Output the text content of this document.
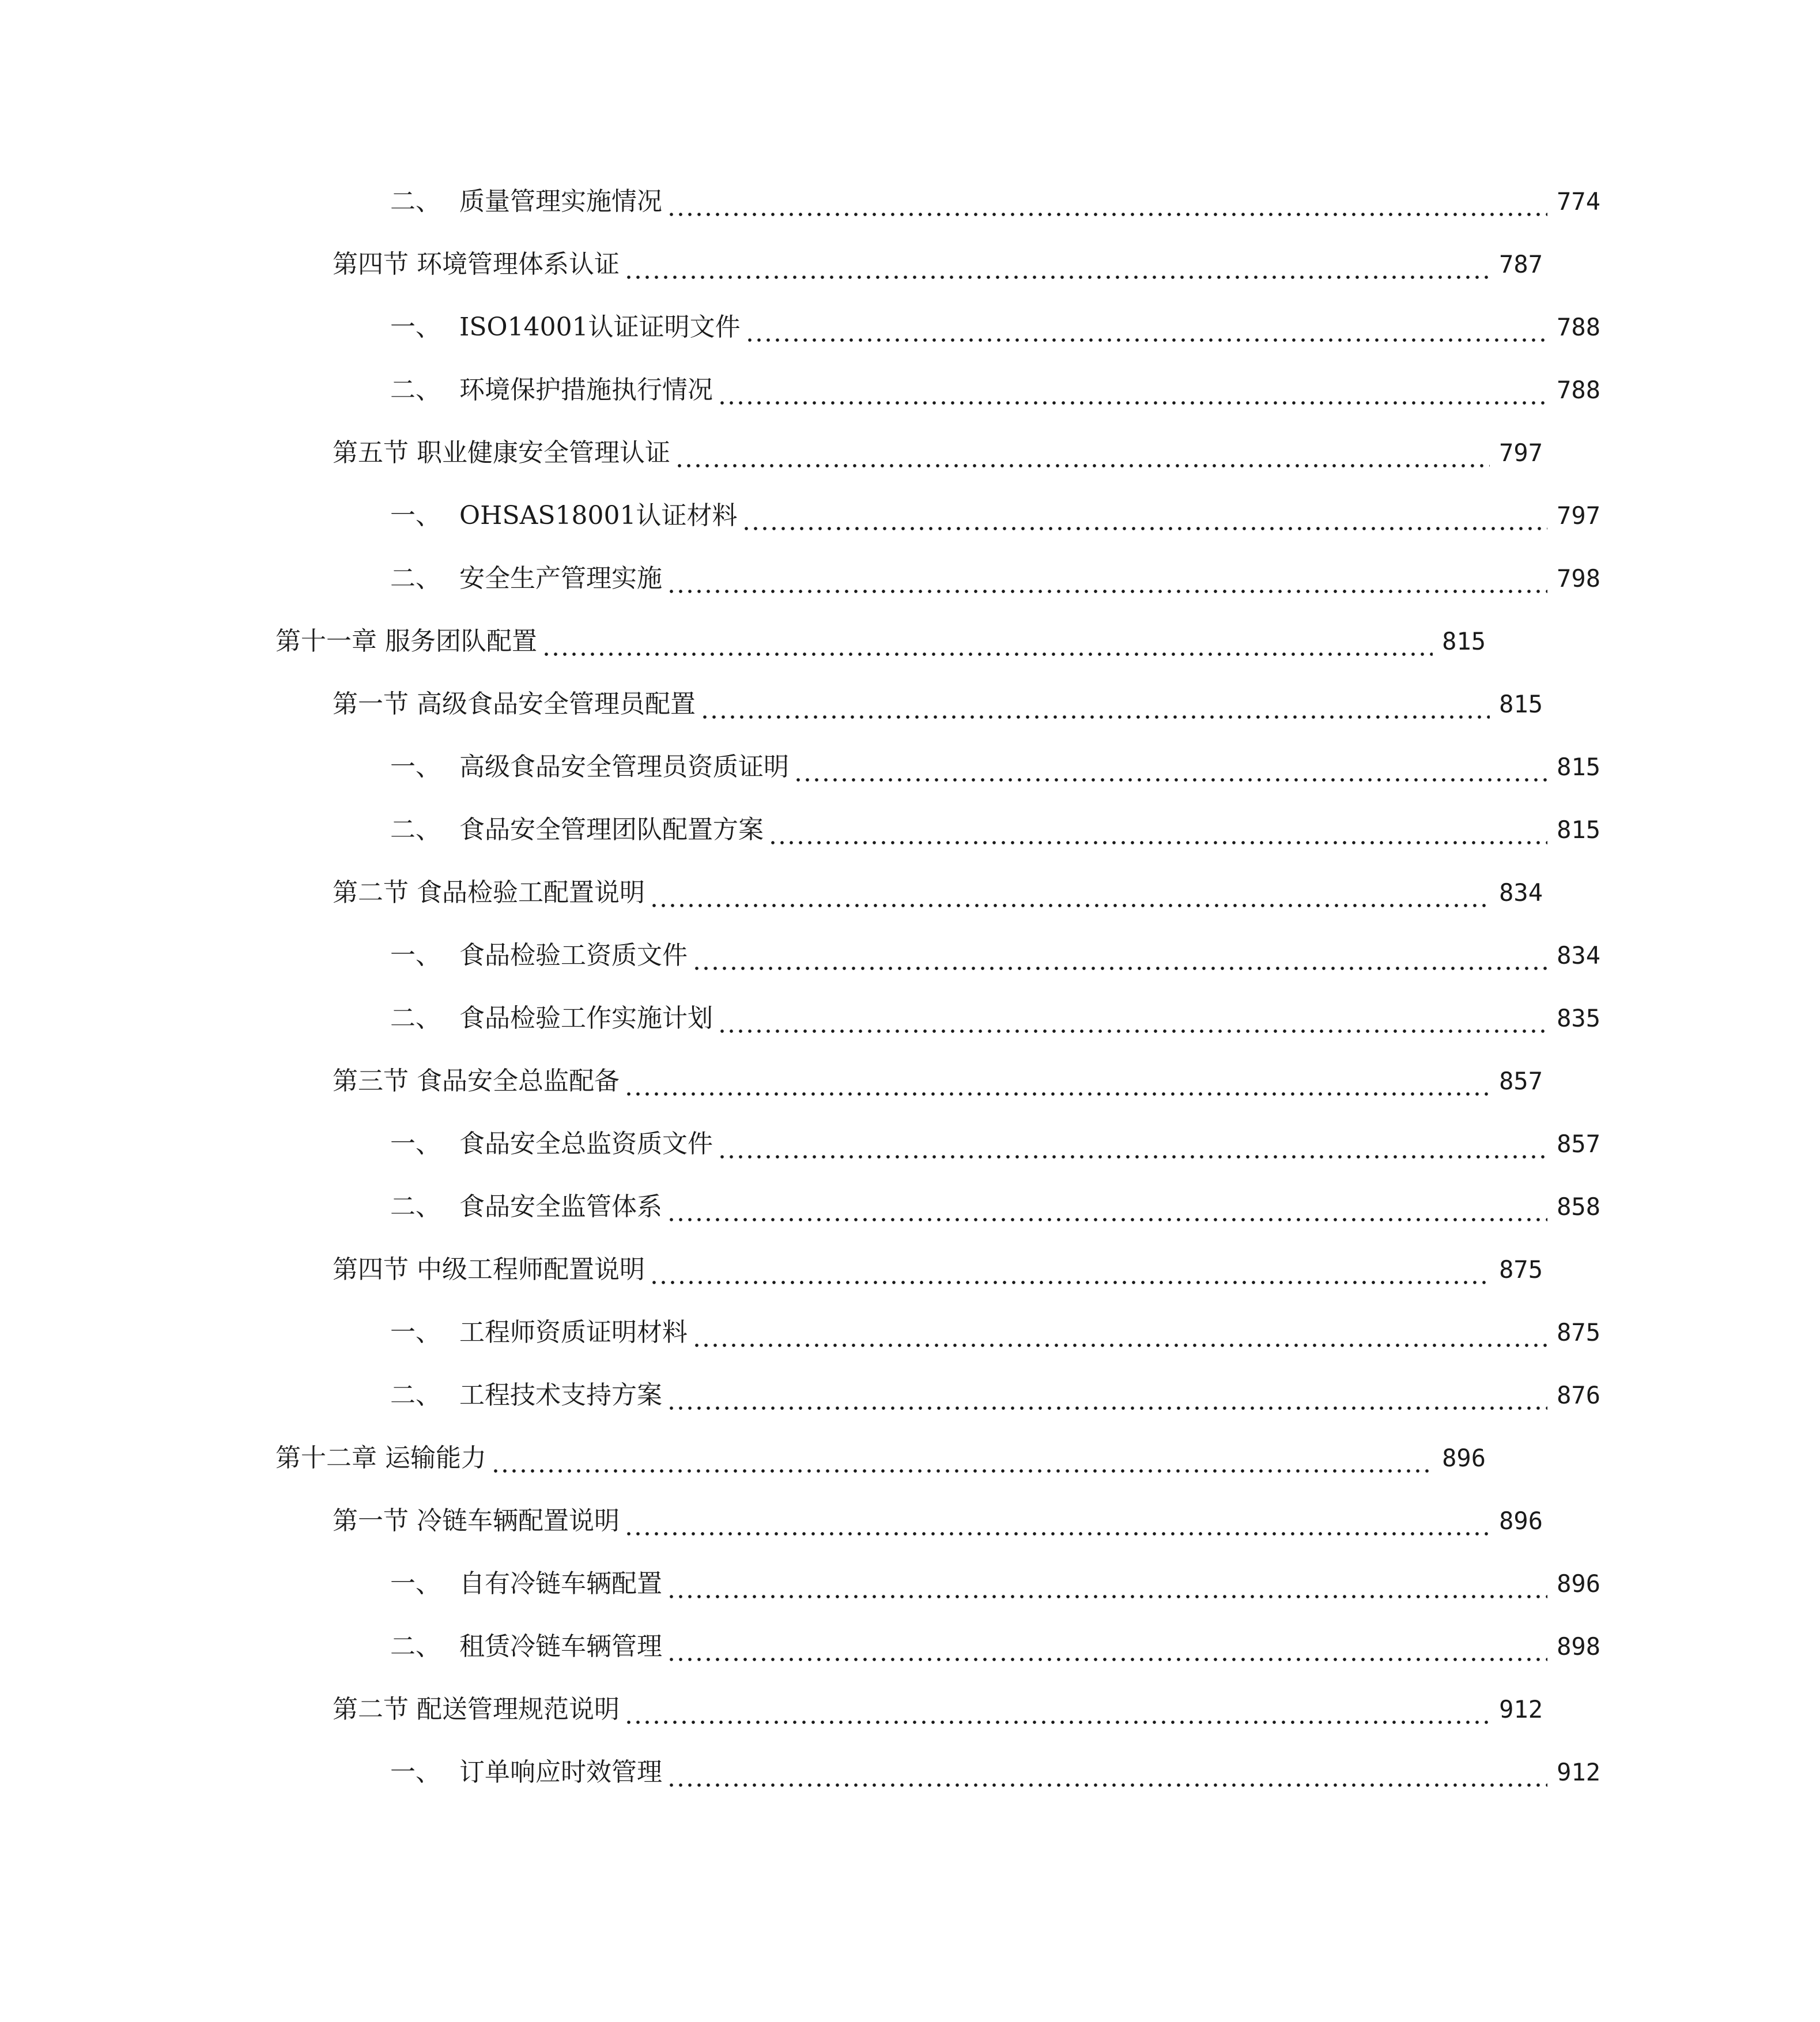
二、 质量管理实施情况	774
第四节 环境管理体系认证	787
一、 ISO14001认证证明文件	788
二、 环境保护措施执行情况	788
第五节 职业健康安全管理认证	797
一、 OHSAS18001认证材料	797
二、 安全生产管理实施	798
第十一章 服务团队配置	815
第一节 高级食品安全管理员配置	815
一、 高级食品安全管理员资质证明	815
二、 食品安全管理团队配置方案	815
第二节 食品检验工配置说明	834
一、 食品检验工资质文件	834
二、 食品检验工作实施计划	835
第三节 食品安全总监配备	857
一、 食品安全总监资质文件	857
二、 食品安全监管体系	858
第四节 中级工程师配置说明	875
一、 工程师资质证明材料	875
二、 工程技术支持方案	876
第十二章 运输能力	896
第一节 冷链车辆配置说明	896
一、 自有冷链车辆配置	896
二、 租赁冷链车辆管理	898
第二节 配送管理规范说明	912
一、 订单响应时效管理	912
